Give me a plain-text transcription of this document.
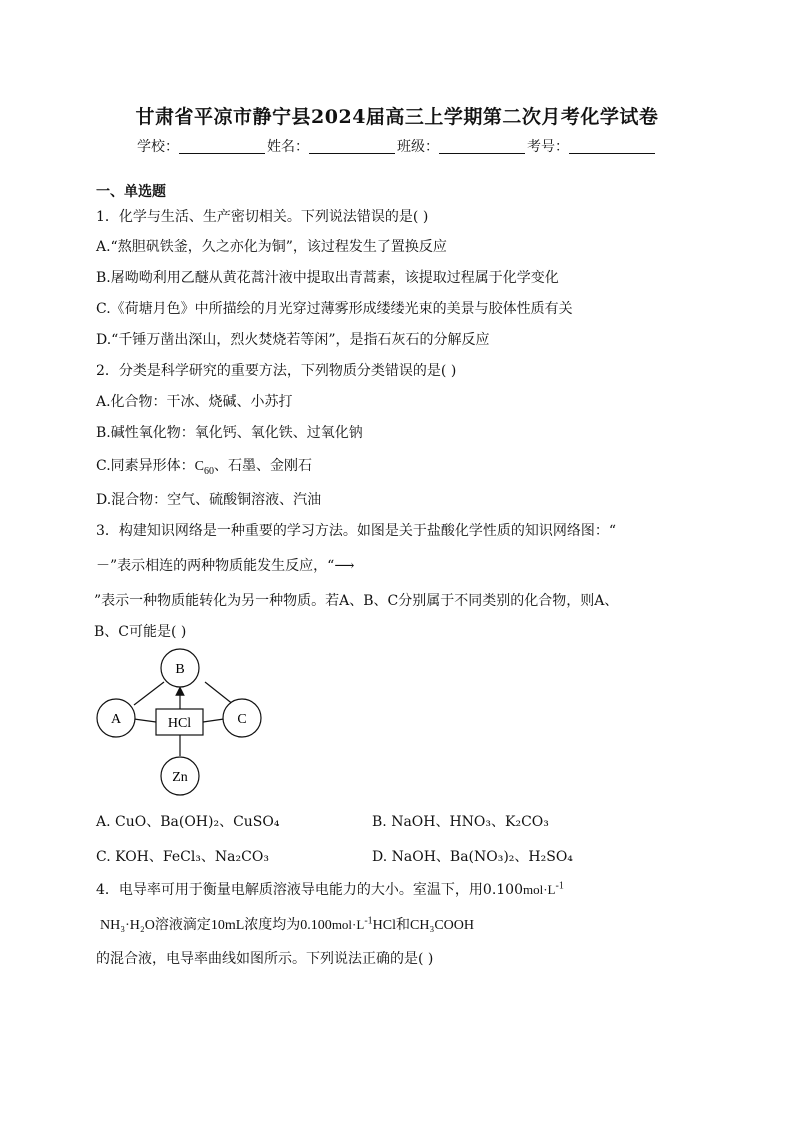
甘肃省平凉市静宁县2024届高三上学期第二次月考化学试卷
学校：	姓名：	班级：	考号：
一、单选题
1．化学与生活、生产密切相关。下列说法错误的是( )
A.“熬胆矾铁釜，久之亦化为铜”，该过程发生了置换反应
B.屠呦呦利用乙醚从黄花蒿汁液中提取出青蒿素，该提取过程属于化学变化
C.《荷塘月色》中所描绘的月光穿过薄雾形成缕缕光束的美景与胶体性质有关
D.“千锤万凿出深山，烈火焚烧若等闲”，是指石灰石的分解反应
2．分类是科学研究的重要方法，下列物质分类错误的是( )
A.化合物：干冰、烧碱、小苏打
B.碱性氧化物：氧化钙、氧化铁、过氧化钠
C.同素异形体：$C_{60}$、石墨、金刚石
D.混合物：空气、硫酸铜溶液、汽油
3．构建知识网络是一种重要的学习方法。如图是关于盐酸化学性质的知识网络图：“
－”表示相连的两种物质能发生反应，“⟶
”表示一种物质能转化为另一种物质。若A、B、C分别属于不同类别的化合物，则A、
B、C可能是( )
B
A	C
HCl
Zn
A. CuO、Ba(OH)₂、CuSO₄	B. NaOH、HNO₃、K₂CO₃
C. KOH、FeCl₃、Na₂CO₃	D. NaOH、Ba(NO₃)₂、H₂SO₄
4．电导率可用于衡量电解质溶液导电能力的大小。室温下，用$0.100mol\cdot L^{-1}$
NH₃·H₂O溶液滴定10mL浓度均为$0.100mol\cdot L^{-1}HCl$和CH₃COOH
的混合液，电导率曲线如图所示。下列说法正确的是( )
